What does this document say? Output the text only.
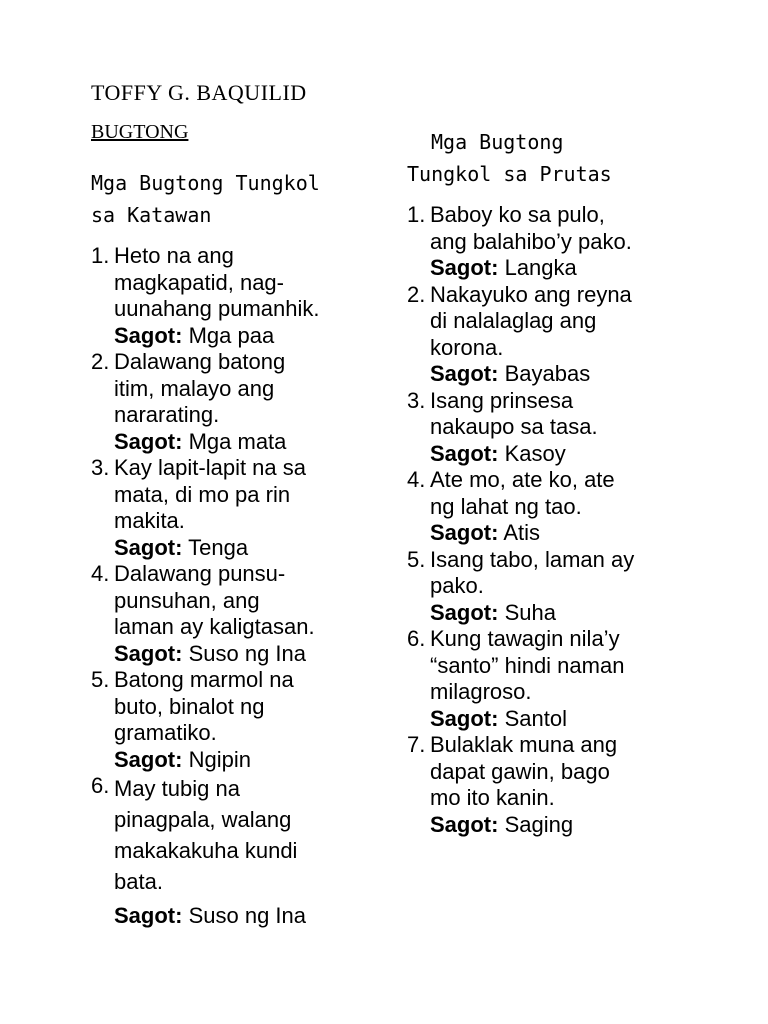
TOFFY G. BAQUILID
BUGTONG
Mga Bugtong Tungkol
sa Katawan
1. Heto na ang
magkapatid, nag-
uunahang pumanhik.
Sagot: Mga paa
2. Dalawang batong
itim, malayo ang
nararating.
Sagot: Mga mata
3. Kay lapit-lapit na sa
mata, di mo pa rin
makita.
Sagot: Tenga
4. Dalawang punsu-
punsuhan, ang
laman ay kaligtasan.
Sagot: Suso ng Ina
5. Batong marmol na
buto, binalot ng
gramatiko.
Sagot: Ngipin
6. May tubig na
pinagpala, walang
makakakuha kundi
bata.
Sagot: Suso ng Ina
Mga Bugtong
Tungkol sa Prutas
1. Baboy ko sa pulo,
ang balahibo’y pako.
Sagot: Langka
2. Nakayuko ang reyna
di nalalaglag ang
korona.
Sagot: Bayabas
3. Isang prinsesa
nakaupo sa tasa.
Sagot: Kasoy
4. Ate mo, ate ko, ate
ng lahat ng tao.
Sagot: Atis
5. Isang tabo, laman ay
pako.
Sagot: Suha
6. Kung tawagin nila’y
“santo” hindi naman
milagroso.
Sagot: Santol
7. Bulaklak muna ang
dapat gawin, bago
mo ito kanin.
Sagot: Saging
